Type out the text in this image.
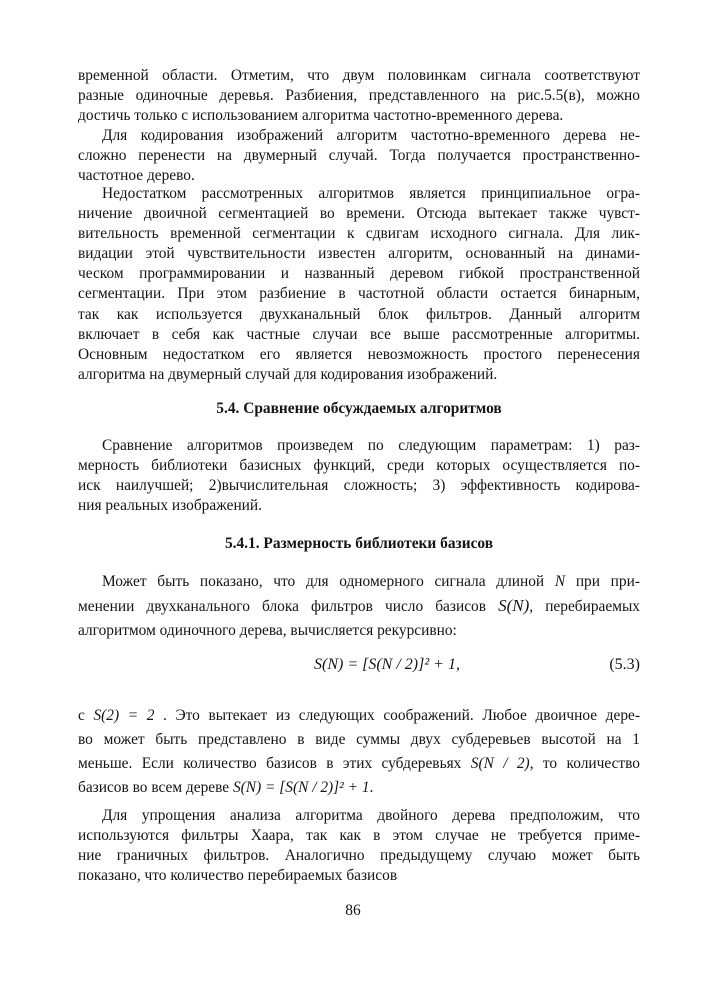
временной области. Отметим, что двум половинкам сигнала соответствуют

разные одиночные деревья. Разбиения, представленного на рис.5.5(в), можно

достичь только с использованием алгоритма частотно-временного дерева.

Для кодирования изображений алгоритм частотно-временного дерева не-

сложно перенести на двумерный случай. Тогда получается пространственно-

частотное дерево.

Недостатком рассмотренных алгоритмов является принципиальное огра-

ничение двоичной сегментацией во времени. Отсюда вытекает также чувст-

вительность временной сегментации к сдвигам исходного сигнала. Для лик-

видации этой чувствительности известен алгоритм, основанный на динами-

ческом программировании и названный деревом гибкой пространственной

сегментации. При этом разбиение в частотной области остается бинарным,

так как используется двухканальный блок фильтров. Данный алгоритм

включает в себя как частные случаи все выше рассмотренные алгоритмы.

Основным недостатком его является невозможность простого перенесения

алгоритма на двумерный случай для кодирования изображений.

5.4. Сравнение обсуждаемых алгоритмов

Сравнение алгоритмов произведем по следующим параметрам: 1) раз-

мерность библиотеки базисных функций, среди которых осуществляется по-

иск наилучшей; 2)вычислительная сложность; 3) эффективность кодирова-

ния реальных изображений.

5.4.1. Размерность библиотеки базисов

Может быть показано, что для одномерного сигнала длиной N при при-

менении двухканального блока фильтров число базисов S(N), перебираемых

алгоритмом одиночного дерева, вычисляется рекурсивно:

S(N) = [S(N / 2)]² + 1,	(5.3)

с S(2) = 2 . Это вытекает из следующих соображений. Любое двоичное дере-

во может быть представлено в виде суммы двух субдеревьев высотой на 1

меньше. Если количество базисов в этих субдеревьях S(N / 2), то количество

базисов во всем дереве S(N) = [S(N / 2)]² + 1.

Для упрощения анализа алгоритма двойного дерева предположим, что

используются фильтры Хаара, так как в этом случае не требуется приме-

ние граничных фильтров. Аналогично предыдущему случаю может быть

показано, что количество перебираемых базисов

86
